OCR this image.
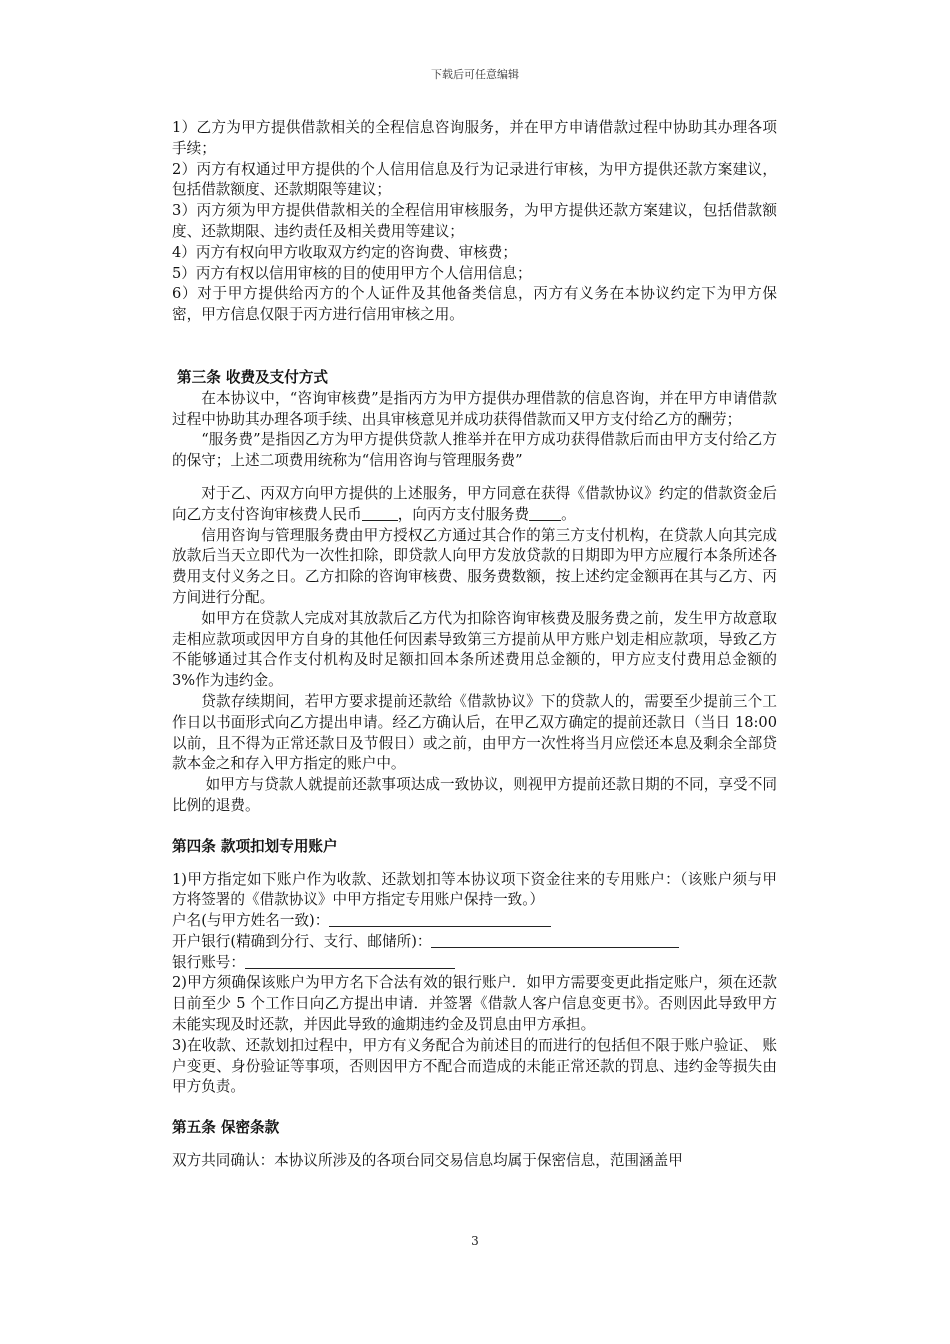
下载后可任意编辑

1）乙方为甲方提供借款相关的全程信息咨询服务，并在甲方申请借款过程中协助其办理各项手续；

2）丙方有权通过甲方提供的个人信用信息及行为记录进行审核，为甲方提供还款方案建议，包括借款额度、还款期限等建议；

3）丙方须为甲方提供借款相关的全程信用审核服务，为甲方提供还款方案建议，包括借款额度、还款期限、违约责任及相关费用等建议；

4）丙方有权向甲方收取双方约定的咨询费、审核费；

5）丙方有权以信用审核的目的使用甲方个人信用信息；

6）对于甲方提供给丙方的个人证件及其他备类信息，丙方有义务在本协议约定下为甲方保密，甲方信息仅限于丙方进行信用审核之用。

第三条 收费及支付方式

在本协议中，“咨询审核费”是指丙方为甲方提供办理借款的信息咨询，并在甲方申请借款过程中协助其办理各项手续、出具审核意见并成功获得借款而又甲方支付给乙方的酬劳；

“服务费”是指因乙方为甲方提供贷款人推举并在甲方成功获得借款后而由甲方支付给乙方的保守；上述二项费用统称为“信用咨询与管理服务费”

对于乙、丙双方向甲方提供的上述服务，甲方同意在获得《借款协议》约定的借款资金后向乙方支付咨询审核费人民币 ，向丙方支付服务费 。

信用咨询与管理服务费由甲方授权乙方通过其合作的第三方支付机构，在贷款人向其完成放款后当天立即代为一次性扣除，即贷款人向甲方发放贷款的日期即为甲方应履行本条所述各费用支付义务之日。乙方扣除的咨询审核费、服务费数额，按上述约定金额再在其与乙方、丙方间进行分配。

如甲方在贷款人完成对其放款后乙方代为扣除咨询审核费及服务费之前，发生甲方故意取走相应款项或因甲方自身的其他任何因素导致第三方提前从甲方账户划走相应款项，导致乙方不能够通过其合作支付机构及时足额扣回本条所述费用总金额的，甲方应支付费用总金额的 3%作为违约金。

贷款存续期间，若甲方要求提前还款给《借款协议》下的贷款人的，需要至少提前三个工作日以书面形式向乙方提出申请。经乙方确认后，在甲乙双方确定的提前还款日（当日 18:00 以前，且不得为正常还款日及节假日）或之前，由甲方一次性将当月应偿还本息及剩余全部贷款本金之和存入甲方指定的账户中。

如甲方与贷款人就提前还款事项达成一致协议，则视甲方提前还款日期的不同，享受不同比例的退费。

第四条 款项扣划专用账户

1)甲方指定如下账户作为收款、还款划扣等本协议项下资金往来的专用账户：（该账户须与甲方将签署的《借款协议》中甲方指定专用账户保持一致。）

户名(与甲方姓名一致)：

开户银行(精确到分行、支行、邮储所)：

银行账号：

2)甲方须确保该账户为甲方名下合法有效的银行账户．如甲方需要变更此指定账户，须在还款日前至少 5 个工作日向乙方提出申请．并签署《借款人客户信息变更书》。否则因此导致甲方未能实现及时还款，并因此导致的逾期违约金及罚息由甲方承担。

3)在收款、还款划扣过程中，甲方有义务配合为前述目的而进行的包括但不限于账户验证、 账户变更、身份验证等事项，否则因甲方不配合而造成的未能正常还款的罚息、违约金等损失由甲方负责。

第五条 保密条款

双方共同确认：本协议所涉及的各项台同交易信息均属于保密信息，范围涵盖甲

3
